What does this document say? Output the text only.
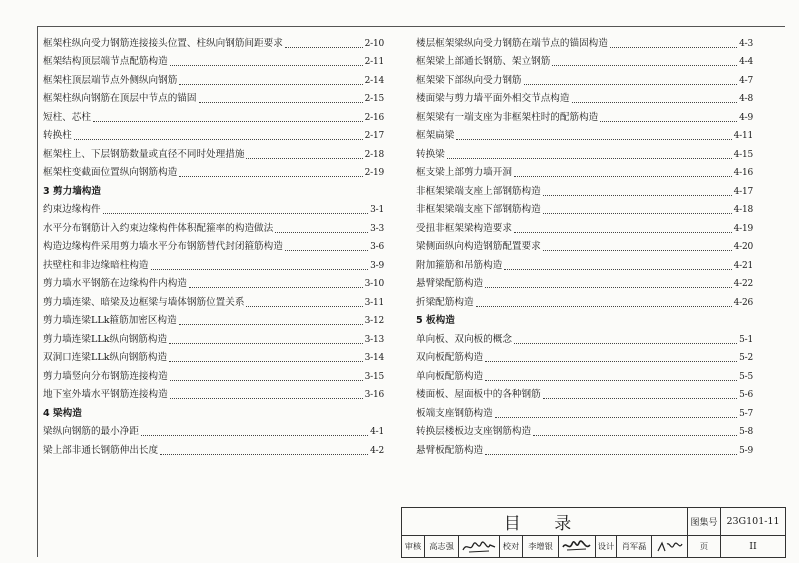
框架柱纵向受力钢筋连接接头位置、柱纵向钢筋间距要求	2-10
框架结构顶层端节点配筋构造	2-11
框架柱顶层端节点外侧纵向钢筋	2-14
框架柱纵向钢筋在顶层中节点的锚固	2-15
短柱、芯柱	2-16
转换柱	2-17
框架柱上、下层钢筋数量或直径不同时处理措施	2-18
框架柱变截面位置纵向钢筋构造	2-19
3 剪力墙构造
约束边缘构件	3-1
水平分布钢筋计入约束边缘构件体积配箍率的构造做法	3-3
构造边缘构件采用剪力墙水平分布钢筋替代封闭箍筋构造	3-6
扶壁柱和非边缘暗柱构造	3-9
剪力墙水平钢筋在边缘构件内构造	3-10
剪力墙连梁、暗梁及边框梁与墙体钢筋位置关系	3-11
剪力墙连梁LLk箍筋加密区构造	3-12
剪力墙连梁LLk纵向钢筋构造	3-13
双洞口连梁LLk纵向钢筋构造	3-14
剪力墙竖向分布钢筋连接构造	3-15
地下室外墙水平钢筋连接构造	3-16
4 梁构造
梁纵向钢筋的最小净距	4-1
梁上部非通长钢筋伸出长度	4-2
楼层框架梁纵向受力钢筋在端节点的锚固构造	4-3
框架梁上部通长钢筋、架立钢筋	4-4
框架梁下部纵向受力钢筋	4-7
楼面梁与剪力墙平面外相交节点构造	4-8
框架梁有一端支座为非框架柱时的配筋构造	4-9
框架扁梁	4-11
转换梁	4-15
框支梁上部剪力墙开洞	4-16
非框架梁端支座上部钢筋构造	4-17
非框架梁端支座下部钢筋构造	4-18
受扭非框架梁构造要求	4-19
梁侧面纵向构造钢筋配置要求	4-20
附加箍筋和吊筋构造	4-21
悬臂梁配筋构造	4-22
折梁配筋构造	4-26
5 板构造
单向板、双向板的概念	5-1
双向板配筋构造	5-2
单向板配筋构造	5-5
楼面板、屋面板中的各种钢筋	5-6
板端支座钢筋构造	5-7
转换层楼板边支座钢筋构造	5-8
悬臂板配筋构造	5-9
目 录	图集号 23G101-11
审核 高志强	校对	李增银	设计 肖军磊	页	II
